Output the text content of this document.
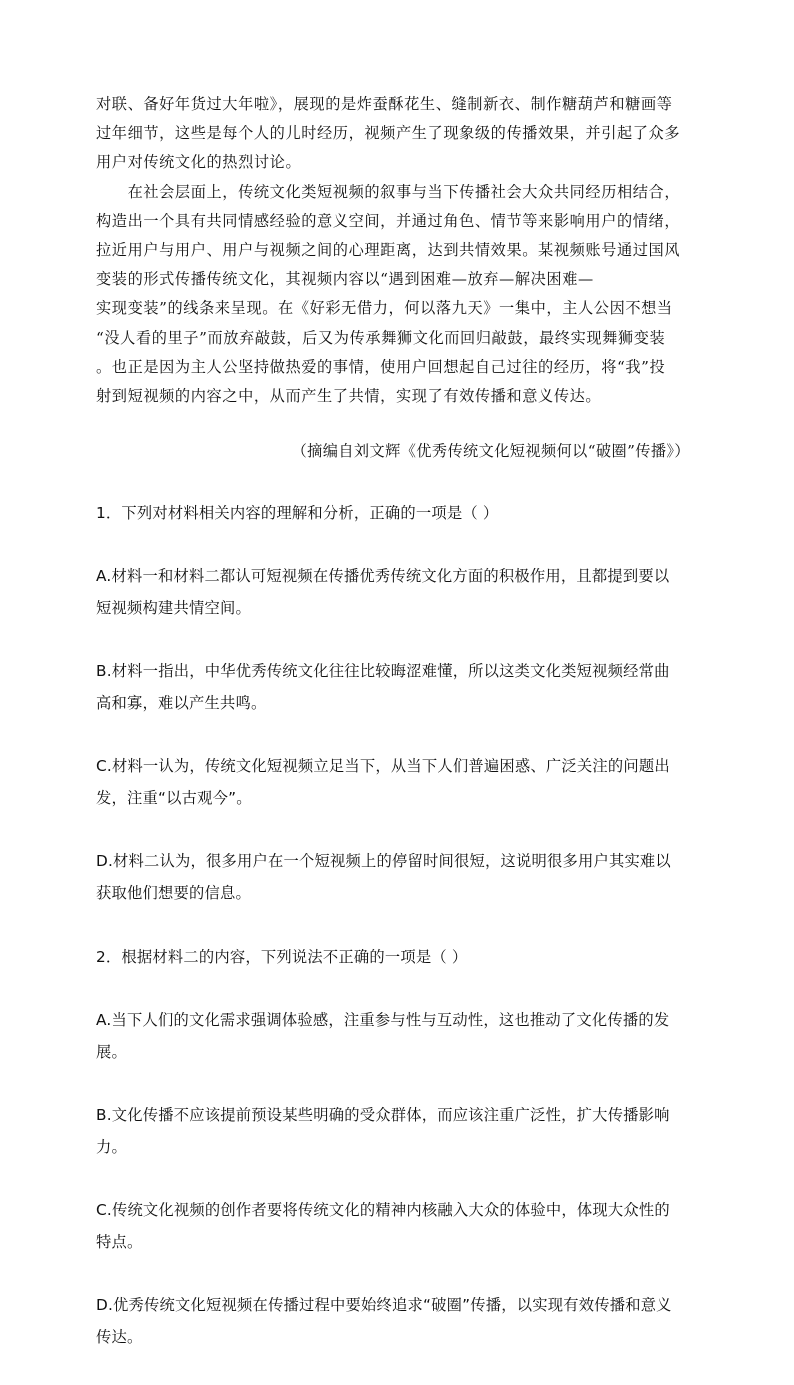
对联、备好年货过大年啦》，展现的是炸蚕酥花生、缝制新衣、制作糖葫芦和糖画等
过年细节，这些是每个人的儿时经历，视频产生了现象级的传播效果，并引起了众多
用户对传统文化的热烈讨论。
　　在社会层面上，传统文化类短视频的叙事与当下传播社会大众共同经历相结合，
构造出一个具有共同情感经验的意义空间，并通过角色、情节等来影响用户的情绪，
拉近用户与用户、用户与视频之间的心理距离，达到共情效果。某视频账号通过国风
变装的形式传播传统文化，其视频内容以“遇到困难—放弃—解决困难—
实现变装”的线条来呈现。在《好彩无借力，何以落九天》一集中，主人公因不想当
“没人看的里子”而放弃敲鼓，后又为传承舞狮文化而回归敲鼓，最终实现舞狮变装
。也正是因为主人公坚持做热爱的事情，使用户回想起自己过往的经历，将“我”投
射到短视频的内容之中，从而产生了共情，实现了有效传播和意义传达。

（摘编自刘文辉《优秀传统文化短视频何以“破圈”传播》）

1．下列对材料相关内容的理解和分析，正确的一项是（ ）

A.材料一和材料二都认可短视频在传播优秀传统文化方面的积极作用，且都提到要以
短视频构建共情空间。

B.材料一指出，中华优秀传统文化往往比较晦涩难懂，所以这类文化类短视频经常曲
高和寡，难以产生共鸣。

C.材料一认为，传统文化短视频立足当下，从当下人们普遍困惑、广泛关注的问题出
发，注重“以古观今”。

D.材料二认为，很多用户在一个短视频上的停留时间很短，这说明很多用户其实难以
获取他们想要的信息。

2．根据材料二的内容，下列说法不正确的一项是（ ）

A.当下人们的文化需求强调体验感，注重参与性与互动性，这也推动了文化传播的发
展。

B.文化传播不应该提前预设某些明确的受众群体，而应该注重广泛性，扩大传播影响
力。

C.传统文化视频的创作者要将传统文化的精神内核融入大众的体验中，体现大众性的
特点。

D.优秀传统文化短视频在传播过程中要始终追求“破圈”传播，以实现有效传播和意义
传达。
